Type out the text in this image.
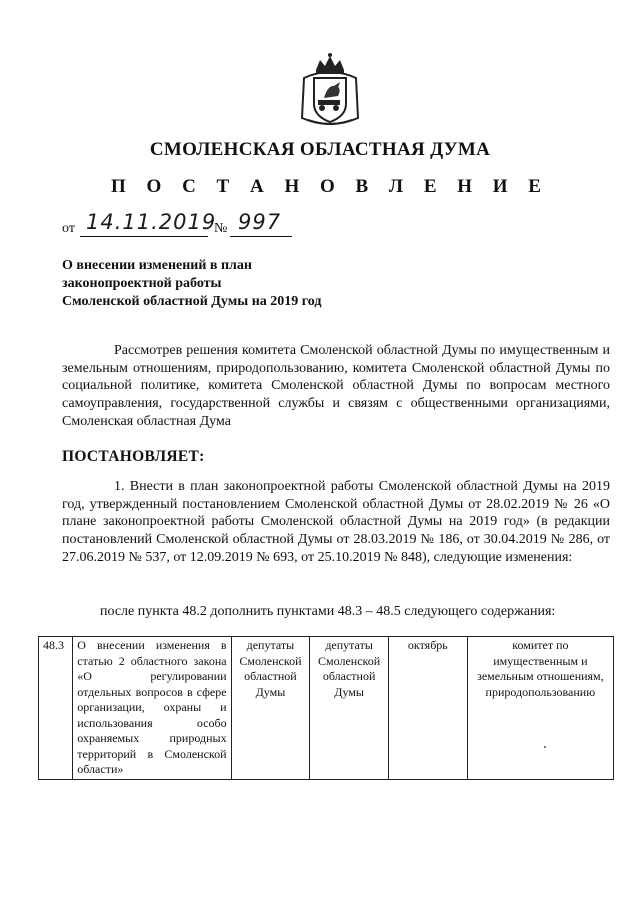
СМОЛЕНСКАЯ ОБЛАСТНАЯ ДУМА
П О С Т А Н О В Л Е Н И Е
от 14.11.2019
№ 997
О внесении изменений в план
законопроектной работы
Смоленской областной Думы на 2019 год
Рассмотрев решения комитета Смоленской областной Думы по имущественным и земельным отношениям, природопользованию, комитета Смоленской областной Думы по социальной политике, комитета Смоленской областной Думы по вопросам местного самоуправления, государственной службы и связям с общественными организациями, Смоленская областная Дума
ПОСТАНОВЛЯЕТ:
1. Внести в план законопроектной работы Смоленской областной Думы на 2019 год, утвержденный постановлением Смоленской областной Думы от 28.02.2019 № 26 «О плане законопроектной работы Смоленской областной Думы на 2019 год» (в редакции постановлений Смоленской областной Думы от 28.03.2019 № 186, от 30.04.2019 № 286, от 27.06.2019 № 537, от 12.09.2019 № 693, от 25.10.2019 № 848), следующие изменения:
после пункта 48.2 дополнить пунктами 48.3 – 48.5 следующего содержания:
48.3	О внесении изменения в статью 2 областного закона «О регулировании отдельных вопросов в сфере организации, охраны и использования особо охраняемых природных территорий в Смоленской области»	депутаты Смоленской областной Думы	депутаты Смоленской областной Думы	октябрь	комитет по имущественным и земельным отношениям, природопользованию
